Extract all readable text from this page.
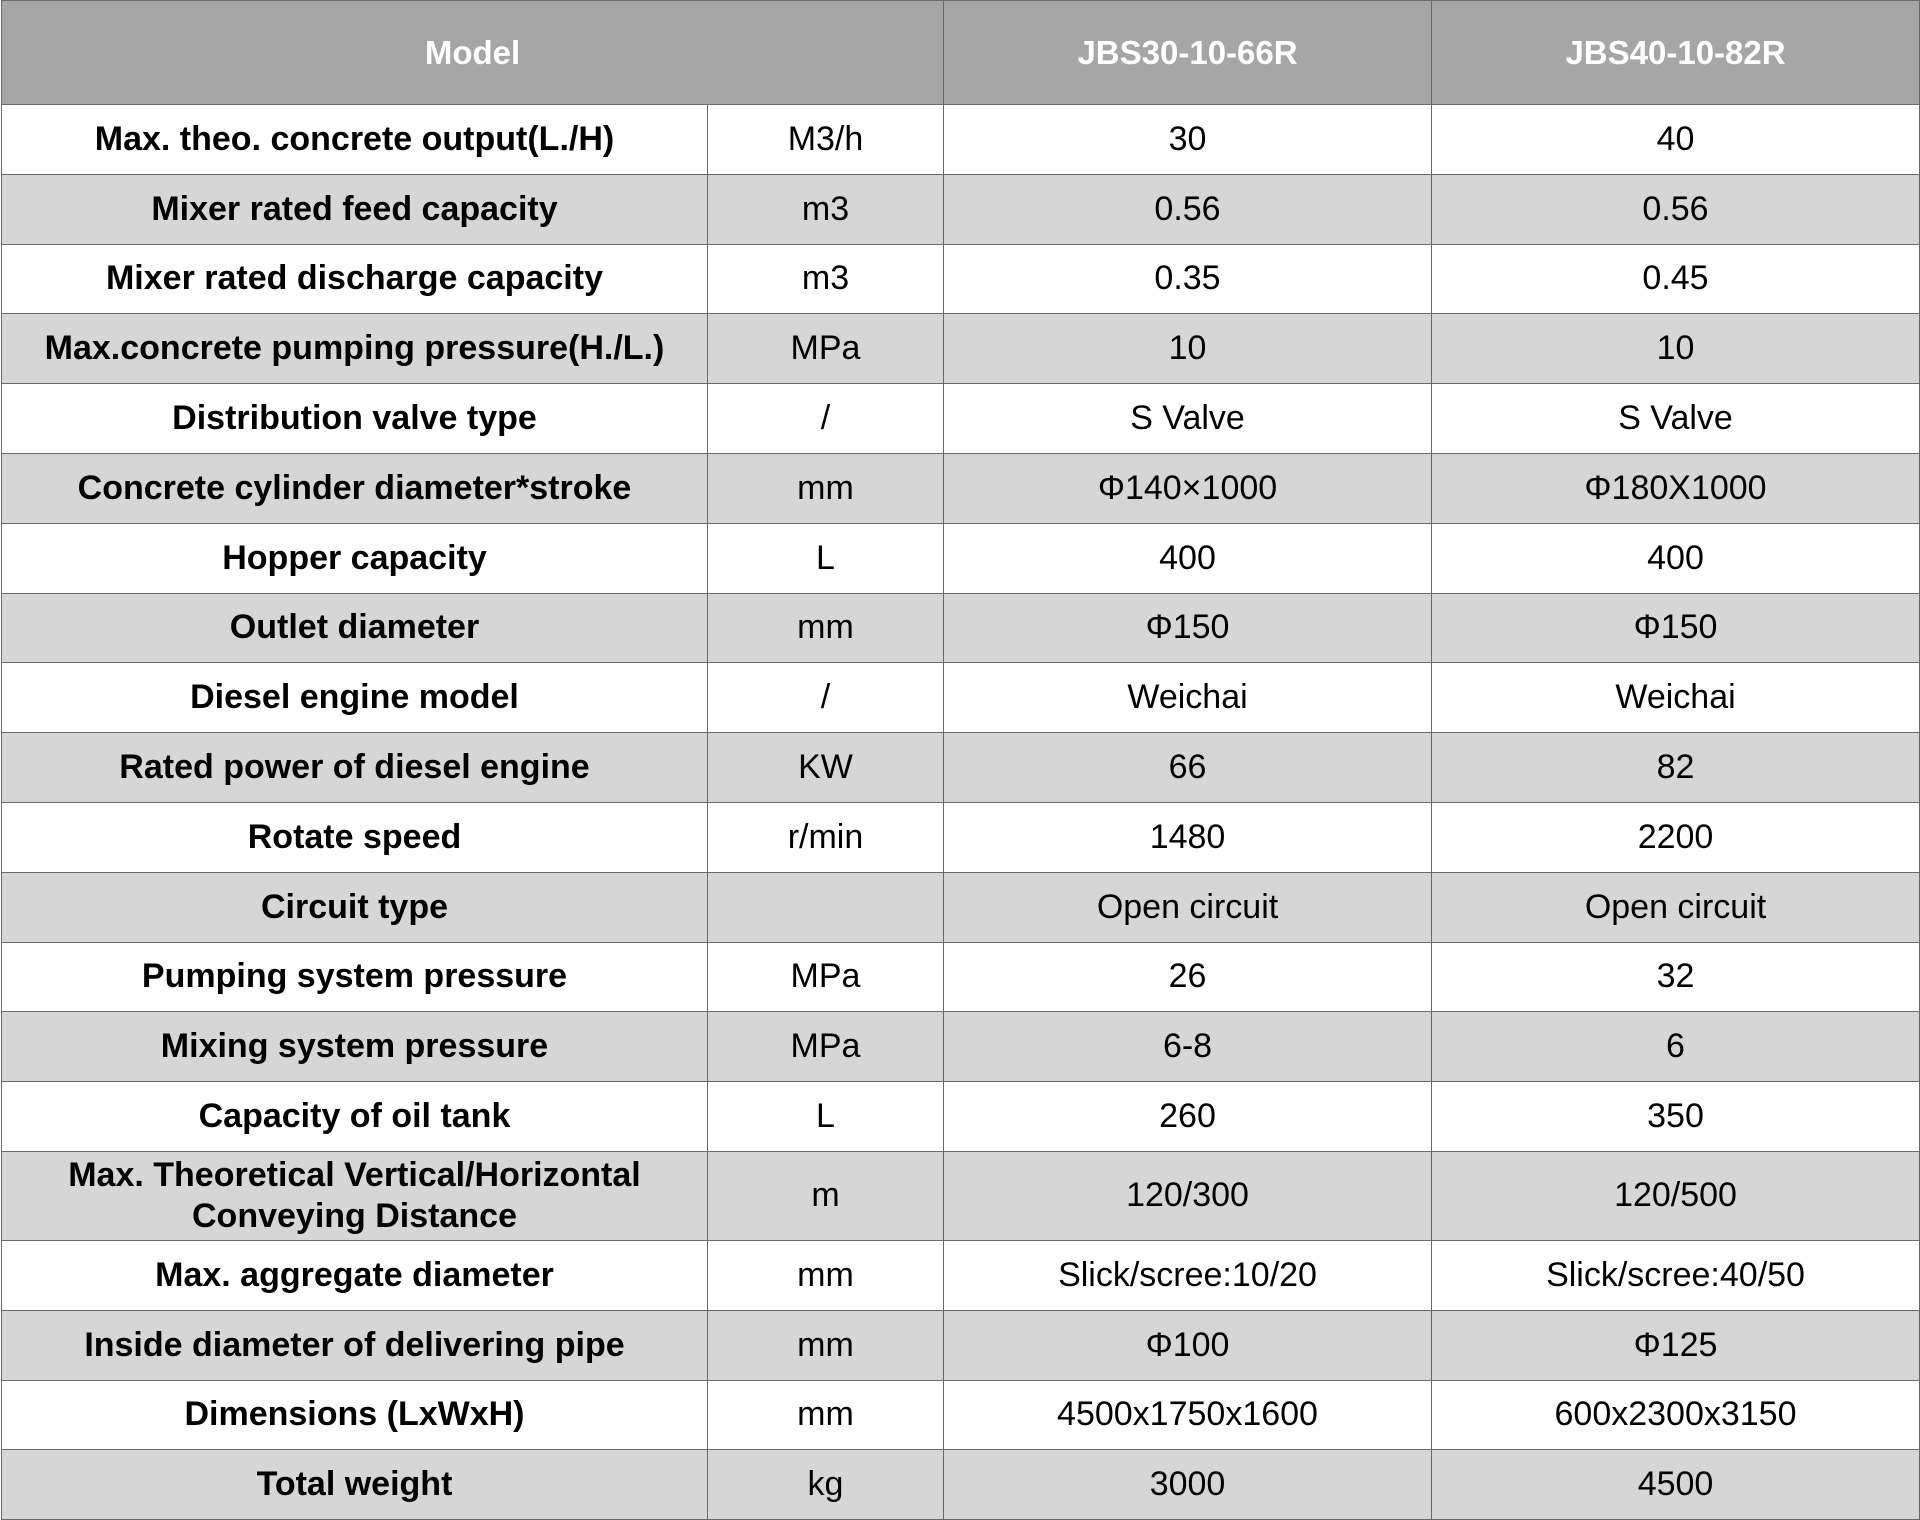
Model		JBS30-10-66R	JBS40-10-82R
Max. theo. concrete output(L./H)	M3/h	30	40
Mixer rated feed capacity	m3	0.56	0.56
Mixer rated discharge capacity	m3	0.35	0.45
Max.concrete pumping pressure(H./L.)	MPa	10	10
Distribution valve type	/	S Valve	S Valve
Concrete cylinder diameter*stroke	mm	Φ140×1000	Φ180X1000
Hopper capacity	L	400	400
Outlet diameter	mm	Φ150	Φ150
Diesel engine model	/	Weichai	Weichai
Rated power of diesel engine	KW	66	82
Rotate speed	r/min	1480	2200
Circuit type		Open circuit	Open circuit
Pumping system pressure	MPa	26	32
Mixing system pressure	MPa	6-8	6
Capacity of oil tank	L	260	350
Max. Theoretical Vertical/Horizontal
Conveying Distance	m	120/300	120/500
Max. aggregate diameter	mm	Slick/scree:10/20	Slick/scree:40/50
Inside diameter of delivering pipe	mm	Φ100	Φ125
Dimensions (LxWxH)	mm	4500x1750x1600	600x2300x3150
Total weight	kg	3000	4500
